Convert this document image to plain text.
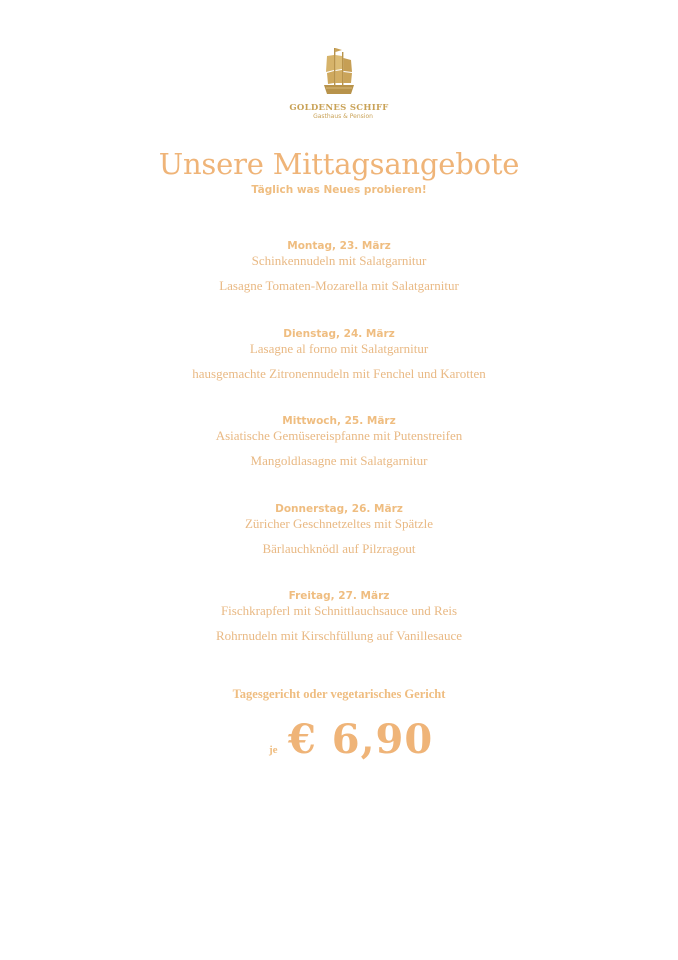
GOLDENES SCHIFF
Gasthaus & Pension
Unsere Mittagsangebote
Täglich was Neues probieren!
Montag, 23. März
Schinkennudeln mit Salatgarnitur
Lasagne Tomaten-Mozarella mit Salatgarnitur
Dienstag, 24. März
Lasagne al forno mit Salatgarnitur
hausgemachte Zitronennudeln mit Fenchel und Karotten
Mittwoch, 25. März
Asiatische Gemüsereispfanne mit Putenstreifen
Mangoldlasagne mit Salatgarnitur
Donnerstag, 26. März
Züricher Geschnetzeltes mit Spätzle
Bärlauchknödl auf Pilzragout
Freitag, 27. März
Fischkrapferl mit Schnittlauchsauce und Reis
Rohrnudeln mit Kirschfüllung auf Vanillesauce
Tagesgericht oder vegetarisches Gericht
je € 6,90
